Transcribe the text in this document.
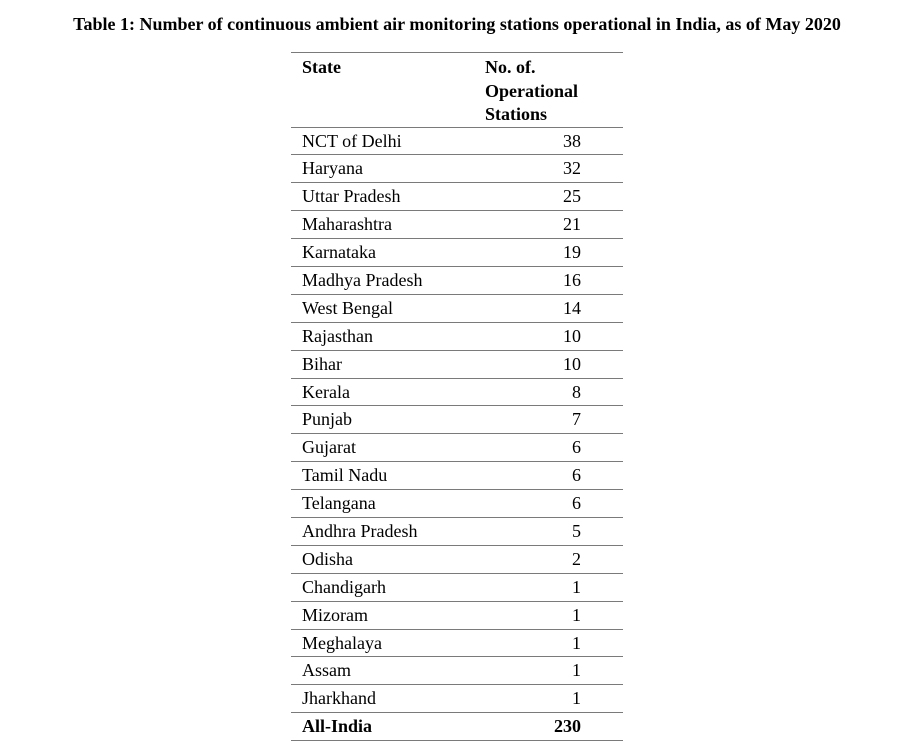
Table 1: Number of continuous ambient air monitoring stations operational in India, as of May 2020
State	No. of.
Operational
Stations
NCT of Delhi	38
Haryana	32
Uttar Pradesh	25
Maharashtra	21
Karnataka	19
Madhya Pradesh	16
West Bengal	14
Rajasthan	10
Bihar	10
Kerala	8
Punjab	7
Gujarat	6
Tamil Nadu	6
Telangana	6
Andhra Pradesh	5
Odisha	2
Chandigarh	1
Mizoram	1
Meghalaya	1
Assam	1
Jharkhand	1
All-India	230
